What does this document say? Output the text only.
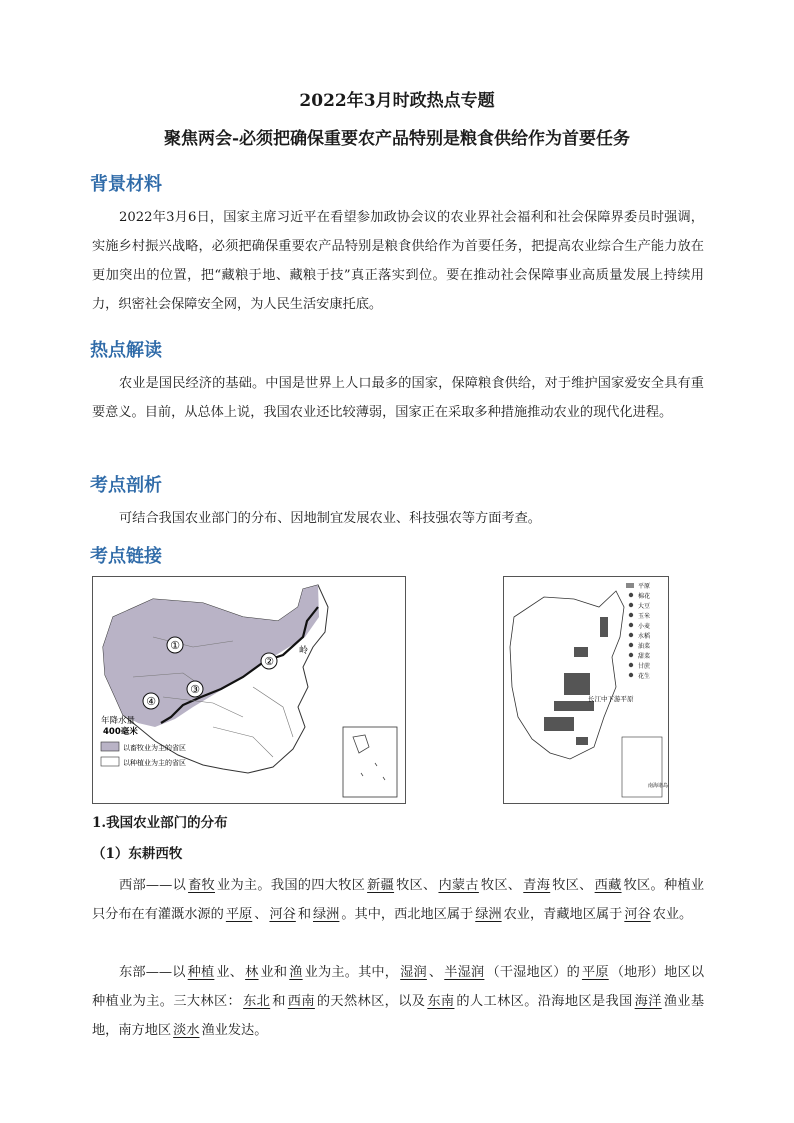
2022年3月时政热点专题
聚焦两会-必须把确保重要农产品特别是粮食供给作为首要任务
背景材料
2022年3月6日，国家主席习近平在看望参加政协会议的农业界社会福利和社会保障界委员时强调，实施乡村振兴战略，必须把确保重要农产品特别是粮食供给作为首要任务，把提高农业综合生产能力放在更加突出的位置，把“藏粮于地、藏粮于技”真正落实到位。要在推动社会保障事业高质量发展上持续用力，织密社会保障安全网，为人民生活安康托底。
热点解读
农业是国民经济的基础。中国是世界上人口最多的国家，保障粮食供给，对于维护国家爱安全具有重要意义。目前，从总体上说，我国农业还比较薄弱，国家正在采取多种措施推动农业的现代化进程。
考点剖析
可结合我国农业部门的分布、因地制宜发展农业、科技强农等方面考查。
考点链接
①
②
③
④
岭
年降水量
400毫米
以畜牧业为主的省区
以种植业为主的省区
长江中下游平原
平原
棉花
大豆
玉米
小麦
水稻
油菜
甜菜
甘蔗
花生
南海诸岛
1.我国农业部门的分布
（1）东耕西牧
西部——以 畜牧 业为主。我国的四大牧区 新疆 牧区、 内蒙古 牧区、 青海 牧区、 西藏 牧区。种植业只分布在有灌溉水源的 平原 、 河谷 和 绿洲 。其中，西北地区属于 绿洲 农业，青藏地区属于 河谷 农业。
东部——以 种植 业、 林 业和 渔 业为主。其中， 湿润 、 半湿润 （干湿地区）的 平原 （地形）地区以种植业为主。三大林区： 东北 和 西南 的天然林区，以及 东南 的人工林区。沿海地区是我国 海洋 渔业基地，南方地区 淡水 渔业发达。
